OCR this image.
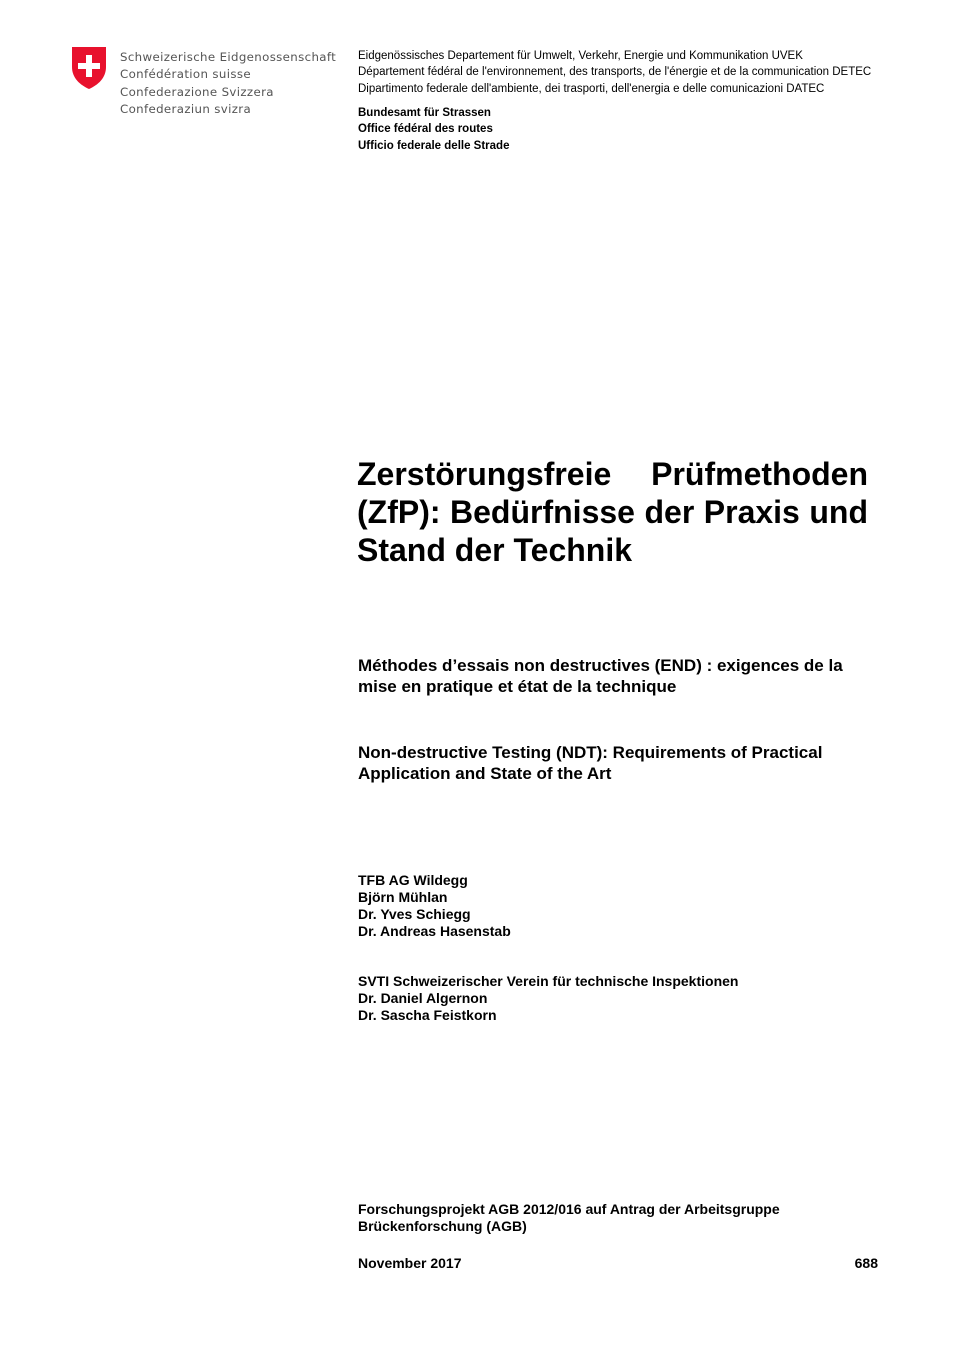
Schweizerische Eidgenossenschaft
Confédération suisse
Confederazione Svizzera
Confederaziun svizra
Eidgenössisches Departement für Umwelt, Verkehr, Energie und Kommunikation UVEK
Département fédéral de l'environnement, des transports, de l'énergie et de la communication DETEC
Dipartimento federale dell'ambiente, dei trasporti, dell'energia e delle comunicazioni DATEC
Bundesamt für Strassen
Office fédéral des routes
Ufficio federale delle Strade
Zerstörungsfreie Prüfmethoden (ZfP): Bedürfnisse der Praxis und Stand der Technik
Méthodes d’essais non destructives (END) : exigences de la mise en pratique et état de la technique
Non-destructive Testing (NDT): Requirements of Practical Application and State of the Art
TFB AG Wildegg
Björn Mühlan
Dr. Yves Schiegg
Dr. Andreas Hasenstab
SVTI Schweizerischer Verein für technische Inspektionen
Dr. Daniel Algernon
Dr. Sascha Feistkorn
Forschungsprojekt AGB 2012/016 auf Antrag der Arbeitsgruppe Brückenforschung (AGB)
November 2017	688
